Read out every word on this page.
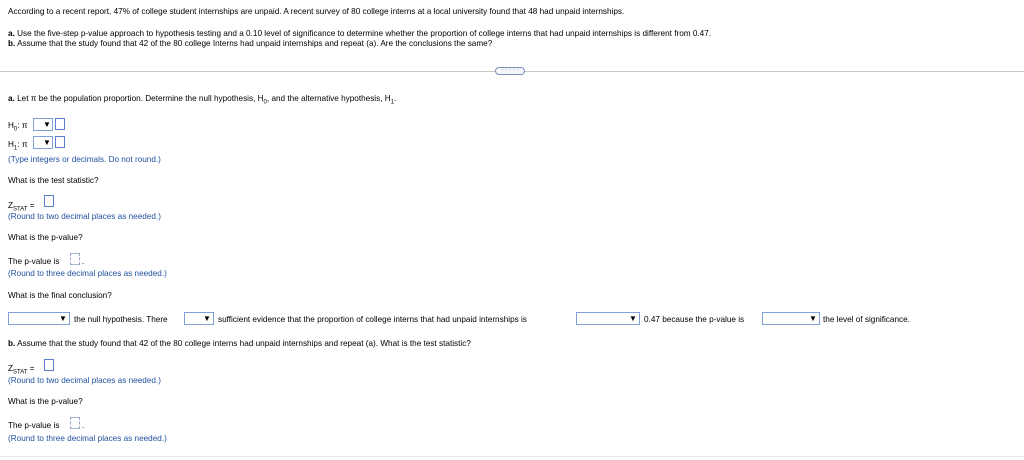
According to a recent report, 47% of college student internships are unpaid. A recent survey of 80 college interns at a local university found that 48 had unpaid internships.
a. Use the five-step p-value approach to hypothesis testing and a 0.10 level of significance to determine whether the proportion of college interns that had unpaid internships is different from 0.47.
b. Assume that the study found that 42 of the 80 college Interns had unpaid internships and repeat (a). Are the conclusions the same?
· · · · ·
a. Let π be the population proportion. Determine the null hypothesis, $H_0$, and the alternative hypothesis, $H_1$.
$H_0$: π ▼
$H_1$: π ▼
(Type integers or decimals. Do not round.)
What is the test statistic?
$Z_{STAT}$ =
(Round to two decimal places as needed.)
What is the p-value?
The p-value is	.
(Round to three decimal places as needed.)
What is the final conclusion?
▼ the null hypothesis. There	▼ sufficient evidence that the proportion of college interns that had unpaid internships is	▼ 0.47 because the p-value is	▼ the level of significance.
b. Assume that the study found that 42 of the 80 college interns had unpaid internships and repeat (a). What is the test statistic?
$Z_{STAT}$ =
(Round to two decimal places as needed.)
What is the p-value?
The p-value is	.
(Round to three decimal places as needed.)
